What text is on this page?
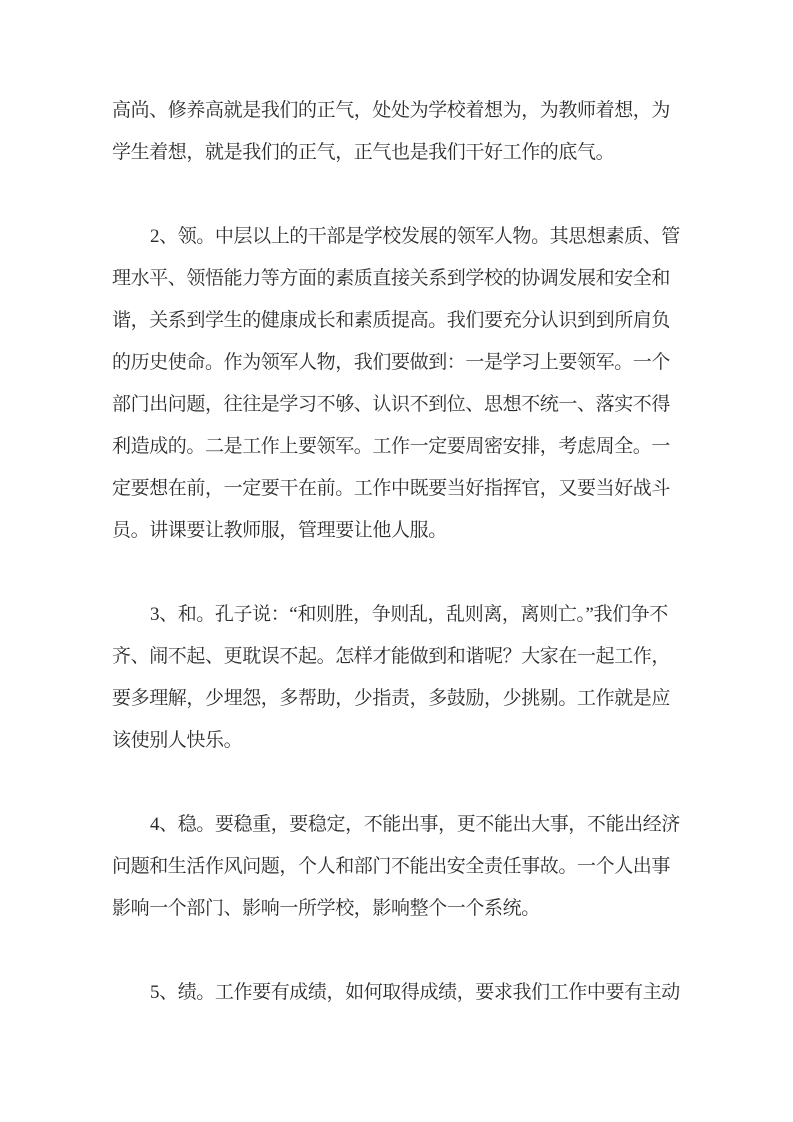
高尚、修养高就是我们的正气，处处为学校着想为，为教师着想，为
学生着想，就是我们的正气，正气也是我们干好工作的底气。
2、领。中层以上的干部是学校发展的领军人物。其思想素质、管
理水平、领悟能力等方面的素质直接关系到学校的协调发展和安全和
谐，关系到学生的健康成长和素质提高。我们要充分认识到到所肩负
的历史使命。作为领军人物，我们要做到：一是学习上要领军。一个
部门出问题，往往是学习不够、认识不到位、思想不统一、落实不得
利造成的。二是工作上要领军。工作一定要周密安排，考虑周全。一
定要想在前，一定要干在前。工作中既要当好指挥官，又要当好战斗
员。讲课要让教师服，管理要让他人服。
3、和。孔子说：“和则胜，争则乱，乱则离，离则亡。”我们争不
齐、闹不起、更耽误不起。怎样才能做到和谐呢？大家在一起工作，
要多理解，少埋怨，多帮助，少指责，多鼓励，少挑剔。工作就是应
该使别人快乐。
4、稳。要稳重，要稳定，不能出事，更不能出大事，不能出经济
问题和生活作风问题，个人和部门不能出安全责任事故。一个人出事
影响一个部门、影响一所学校，影响整个一个系统。
5、绩。工作要有成绩，如何取得成绩，要求我们工作中要有主动
